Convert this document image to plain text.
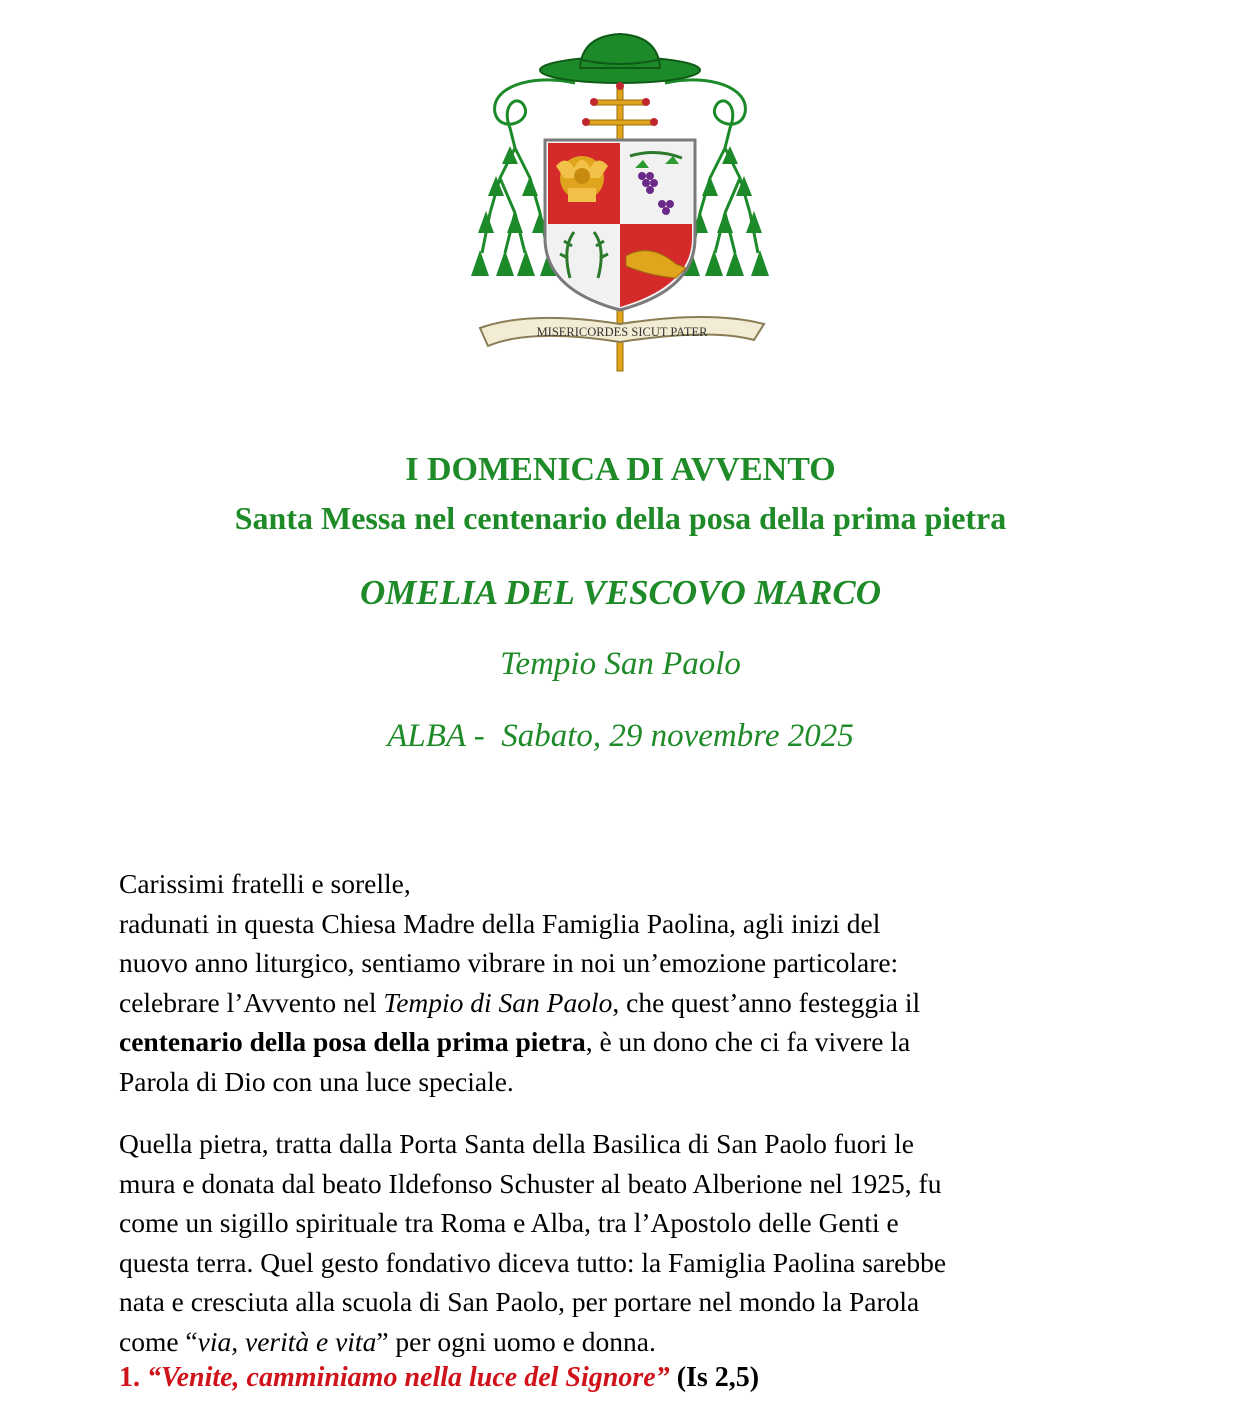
MISERICORDES SICUT PATER
I DOMENICA DI AVVENTO
Santa Messa nel centenario della posa della prima pietra
OMELIA DEL VESCOVO MARCO
Tempio San Paolo
ALBA -  Sabato, 29 novembre 2025
Carissimi fratelli e sorelle,
radunati in questa Chiesa Madre della Famiglia Paolina, agli inizi del
nuovo anno liturgico, sentiamo vibrare in noi un’emozione particolare:
celebrare l’Avvento nel Tempio di San Paolo, che quest’anno festeggia il
centenario della posa della prima pietra, è un dono che ci fa vivere la
Parola di Dio con una luce speciale.
Quella pietra, tratta dalla Porta Santa della Basilica di San Paolo fuori le
mura e donata dal beato Ildefonso Schuster al beato Alberione nel 1925, fu
come un sigillo spirituale tra Roma e Alba, tra l’Apostolo delle Genti e
questa terra. Quel gesto fondativo diceva tutto: la Famiglia Paolina sarebbe
nata e cresciuta alla scuola di San Paolo, per portare nel mondo la Parola
come “via, verità e vita” per ogni uomo e donna.
1. “Venite, camminiamo nella luce del Signore” (Is 2,5)
